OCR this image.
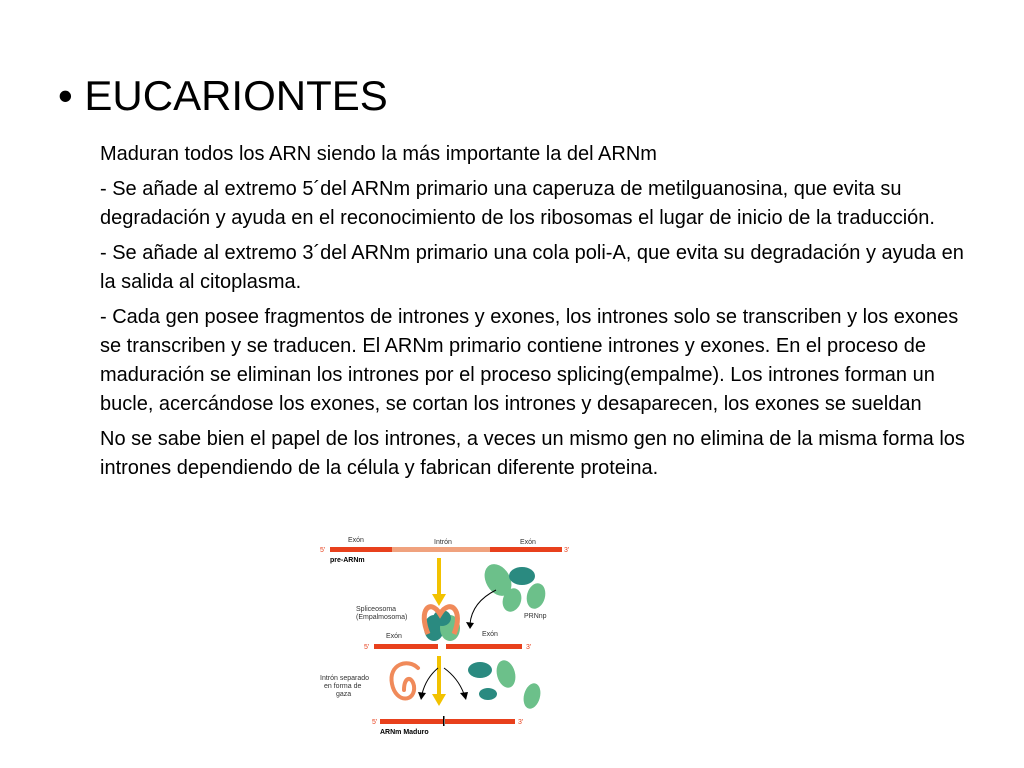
• EUCARIONTES

Maduran todos los ARN siendo la más importante la del ARNm

- Se añade al extremo 5´del ARNm primario una caperuza de metilguanosina, que evita su degradación y ayuda en el reconocimiento de los ribosomas el lugar de inicio de la traducción.

- Se añade al extremo 3´del ARNm primario una cola poli-A, que evita su degradación y ayuda en la salida al citoplasma.

- Cada gen posee fragmentos de intrones y exones, los intrones solo se transcriben y los exones se transcriben y se traducen. El ARNm primario contiene intrones y exones. En el proceso de maduración se eliminan los intrones por el proceso splicing(empalme). Los intrones forman un bucle, acercándose los exones, se cortan los intrones y desaparecen, los exones se sueldan

No se sabe bien el papel de los intrones, a veces un mismo gen no elimina de la misma forma los intrones dependiendo de la célula y fabrican diferente proteina.

Exón	Intrón	Exón
5'	3'
pre-ARNm
PRNnp
Spliceosoma
(Empalmosoma)
Exón	Exón
5'	3'
Intrón separado
en forma de
gaza
5'	3'
ARNm Maduro
